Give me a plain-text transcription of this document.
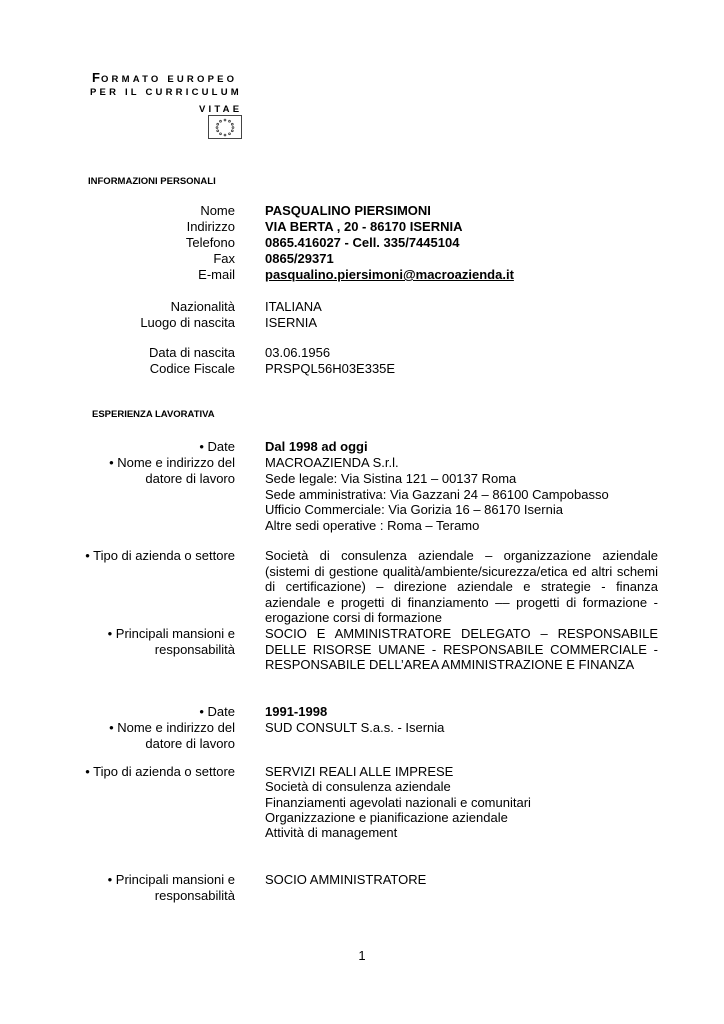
FORMATO EUROPEO
PER IL CURRICULUM
VITAE
INFORMAZIONI PERSONALI
Nome
Indirizzo
Telefono
Fax
E-mail
PASQUALINO PIERSIMONI
VIA BERTA , 20 - 86170 ISERNIA
0865.416027 - Cell. 335/7445104
0865/29371
pasqualino.piersimoni@macroazienda.it
Nazionalità
Luogo di nascita
ITALIANA
ISERNIA
Data di nascita
Codice Fiscale
03.06.1956
PRSPQL56H03E335E
ESPERIENZA LAVORATIVA
• Date
• Nome e indirizzo del
datore di lavoro
Dal 1998 ad oggi
MACROAZIENDA S.r.l.
Sede legale: Via Sistina 121 – 00137 Roma
Sede amministrativa: Via Gazzani 24 – 86100 Campobasso
Ufficio Commerciale: Via Gorizia 16 – 86170 Isernia
Altre sedi operative : Roma – Teramo
• Tipo di azienda o settore Società di consulenza aziendale – organizzazione aziendale (sistemi di gestione qualità/ambiente/sicurezza/etica ed altri schemi di certificazione) – direzione aziendale e strategie - finanza aziendale e progetti di finanziamento –– progetti di formazione - erogazione corsi di formazione
• Principali mansioni e
responsabilità
SOCIO E AMMINISTRATORE DELEGATO – RESPONSABILE DELLE RISORSE UMANE - RESPONSABILE COMMERCIALE - RESPONSABILE DELL’AREA AMMINISTRAZIONE E FINANZA
• Date
• Nome e indirizzo del
datore di lavoro
1991-1998
SUD CONSULT S.a.s. - Isernia
• Tipo di azienda o settore SERVIZI REALI ALLE IMPRESE
Società di consulenza aziendale
Finanziamenti agevolati nazionali e comunitari
Organizzazione e pianificazione aziendale
Attività di management
• Principali mansioni e
responsabilità
SOCIO AMMINISTRATORE
1
